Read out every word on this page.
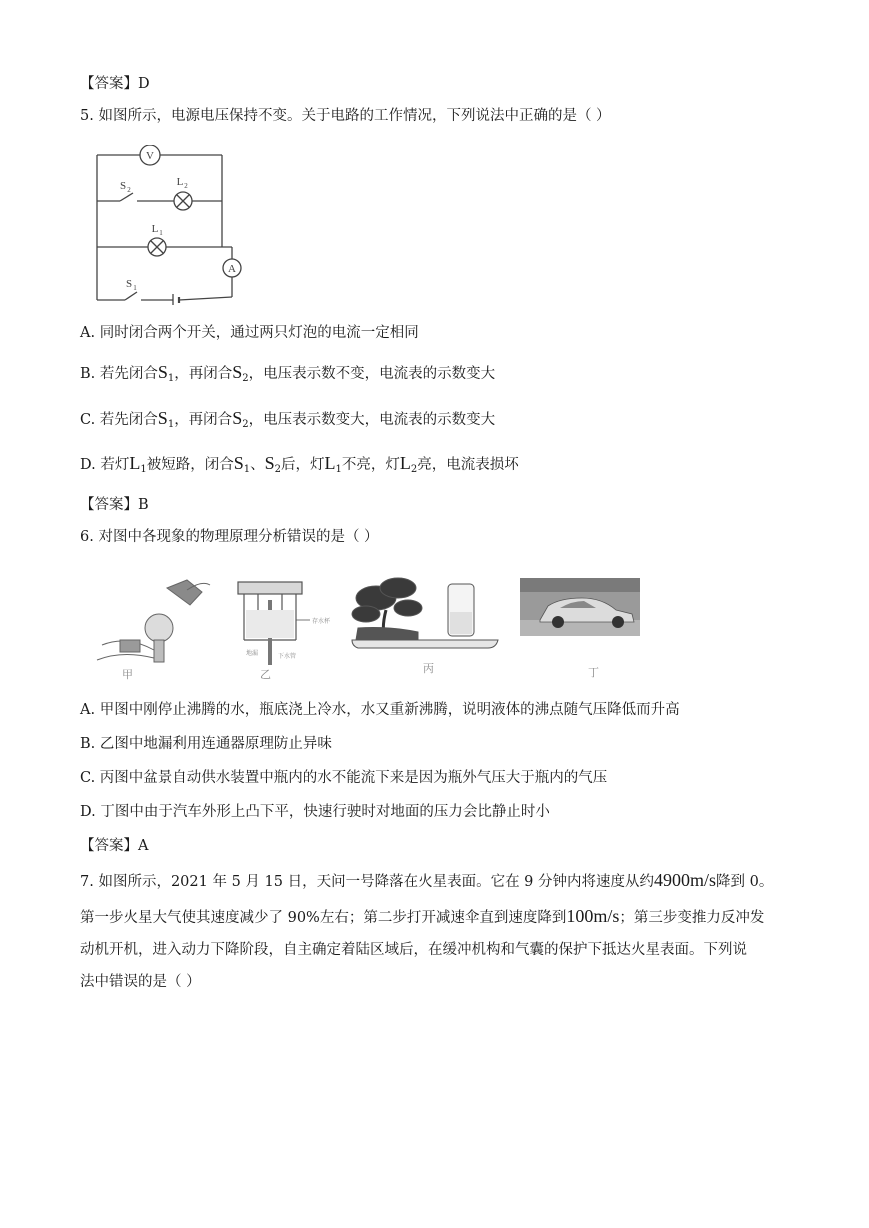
【答案】D
5. 如图所示，电源电压保持不变。关于电路的工作情况，下列说法中正确的是（ ）
V
A
S 2
L 2
L 1
S 1
A. 同时闭合两个开关，通过两只灯泡的电流一定相同
B. 若先闭合$S_1$，再闭合$S_2$，电压表示数不变，电流表的示数变大
C. 若先闭合$S_1$，再闭合$S_2$，电压表示数变大，电流表的示数变大
D. 若灯$L_1$被短路，闭合$S_1$、$S_2$后，灯$L_1$不亮，灯$L_2$亮，电流表损坏
【答案】B
6. 对图中各现象的物理原理分析错误的是（ ）
甲
存水杯
地漏	下水管
乙	丙	丁
A. 甲图中刚停止沸腾的水，瓶底浇上冷水，水又重新沸腾，说明液体的沸点随气压降低而升高
B. 乙图中地漏利用连通器原理防止异味
C. 丙图中盆景自动供水装置中瓶内的水不能流下来是因为瓶外气压大于瓶内的气压
D. 丁图中由于汽车外形上凸下平，快速行驶时对地面的压力会比静止时小
【答案】A
7. 如图所示，2021 年 5 月 15 日，天问一号降落在火星表面。它在 9 分钟内将速度从约4900m/s降到 0。
第一步火星大气使其速度减少了 90%左右；第二步打开减速伞直到速度降到100m/s；第三步变推力反冲发
动机开机，进入动力下降阶段，自主确定着陆区域后，在缓冲机构和气囊的保护下抵达火星表面。下列说
法中错误的是（ ）
